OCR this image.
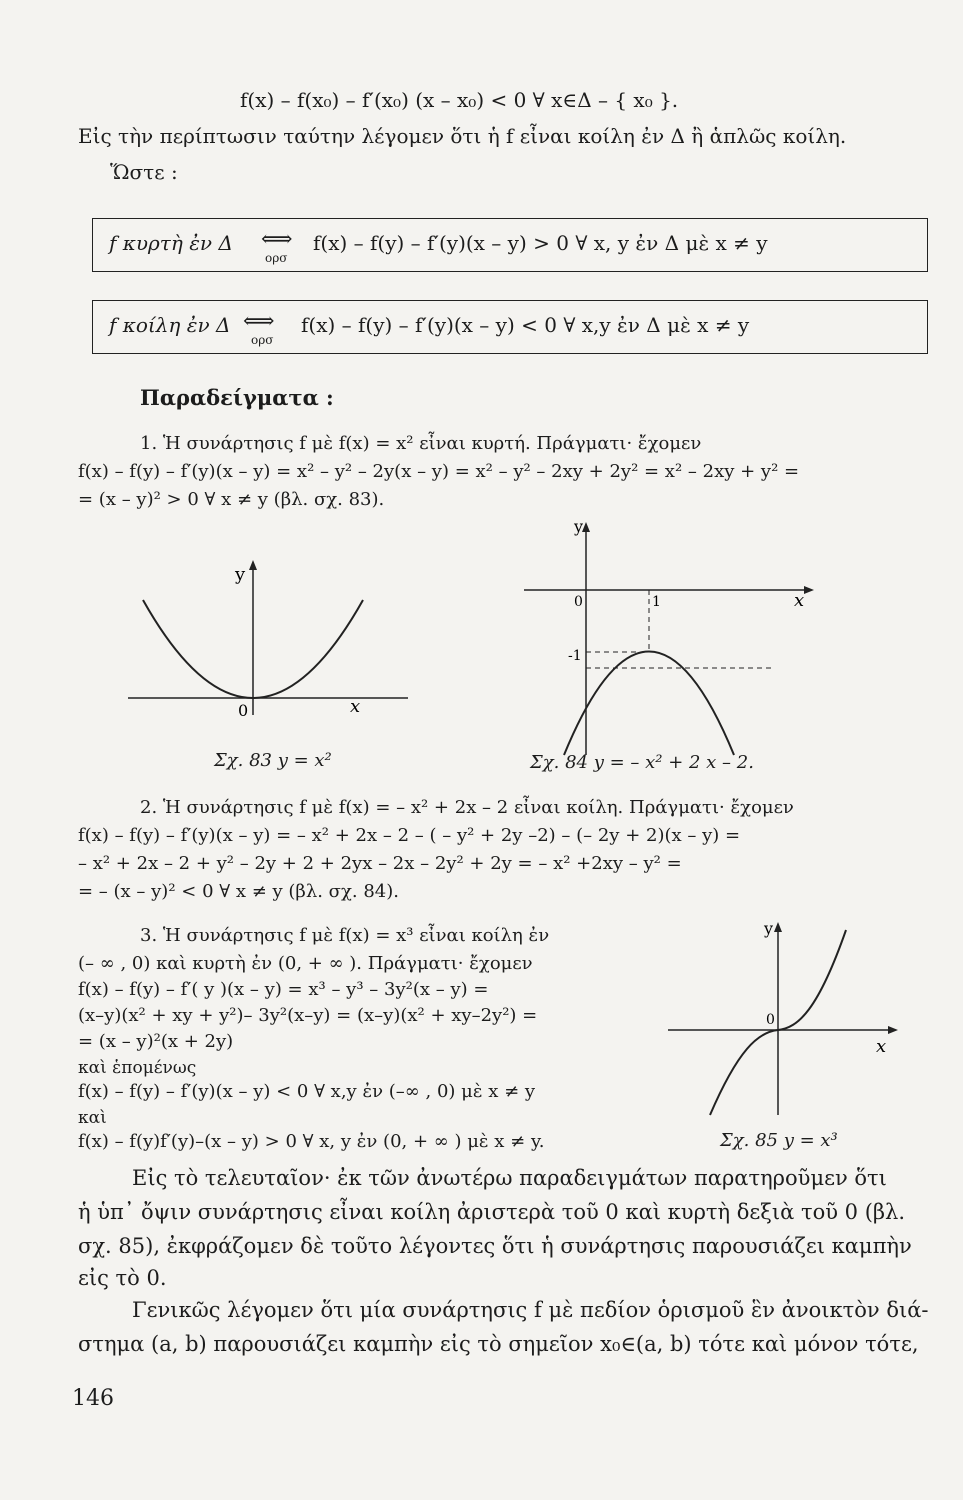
f(x) – f(x₀) – f′(x₀) (x – x₀) < 0 ∀ x∈Δ – { x₀ }.
Εἰς τὴν περίπτωσιν ταύτην λέγομεν ὅτι ἡ f εἶναι κοίλη ἐν Δ ἢ ἁπλῶς κοίλη.
Ὥστε :
f κυρτὴ ἐν Δ ⟺
ορσ
f(x) – f(y) – f′(y)(x – y) > 0 ∀ x, y ἐν Δ μὲ x ≠ y
f κοίλη ἐν Δ ⟺
ορσ
f(x) – f(y) – f′(y)(x – y) < 0 ∀ x,y ἐν Δ μὲ x ≠ y
Παραδείγματα :
1. Ἡ συνάρτησις f μὲ f(x) = x² εἶναι κυρτή. Πράγματι· ἔχομεν
f(x) – f(y) – f′(y)(x – y) = x² – y² – 2y(x – y) = x² – y² – 2xy + 2y² = x² – 2xy + y² =
= (x – y)² > 0 ∀ x ≠ y (βλ. σχ. 83).
y
x
0
Σχ. 83 y = x²
y
x
0	1
-1
Σχ. 84 y = – x² + 2 x – 2.
2. Ἡ συνάρτησις f μὲ f(x) = – x² + 2x – 2 εἶναι κοίλη. Πράγματι· ἔχομεν
f(x) – f(y) – f′(y)(x – y) = – x² + 2x – 2 – ( – y² + 2y –2) – (– 2y + 2)(x – y) =
– x² + 2x – 2 + y² – 2y + 2 + 2yx – 2x – 2y² + 2y = – x² +2xy – y² =
= – (x – y)² < 0 ∀ x ≠ y (βλ. σχ. 84).
3. Ἡ συνάρτησις f μὲ f(x) = x³ εἶναι κοίλη ἐν
(– ∞ , 0) καὶ κυρτὴ ἐν (0, + ∞ ). Πράγματι· ἔχομεν
f(x) – f(y) – f′( y )(x – y) = x³ – y³ – 3y²(x – y) =
(x–y)(x² + xy + y²)– 3y²(x–y) = (x–y)(x² + xy–2y²) =
= (x – y)²(x + 2y)
καὶ ἑπομένως
f(x) – f(y) – f′(y)(x – y) < 0 ∀ x,y ἐν (–∞ , 0) μὲ x ≠ y
καὶ
f(x) – f(y)f′(y)–(x – y) > 0 ∀ x, y ἐν (0, + ∞ ) μὲ x ≠ y.
y
x
0
Σχ. 85 y = x³
Εἰς τὸ τελευταῖον· ἐκ τῶν ἀνωτέρω παραδειγμάτων παρατηροῦμεν ὅτι
ἡ ὑπ᾽ ὄψιν συνάρτησις εἶναι κοίλη ἀριστερὰ τοῦ 0 καὶ κυρτὴ δεξιὰ τοῦ 0 (βλ.
σχ. 85), ἐκφράζομεν δὲ τοῦτο λέγοντες ὅτι ἡ συνάρτησις παρουσιάζει καμπὴν
εἰς τὸ 0.
Γενικῶς λέγομεν ὅτι μία συνάρτησις f μὲ πεδίον ὁρισμοῦ ἓν ἀνοικτὸν διά-
στημα (a, b) παρουσιάζει καμπὴν εἰς τὸ σημεῖον x₀∈(a, b) τότε καὶ μόνον τότε,
146
